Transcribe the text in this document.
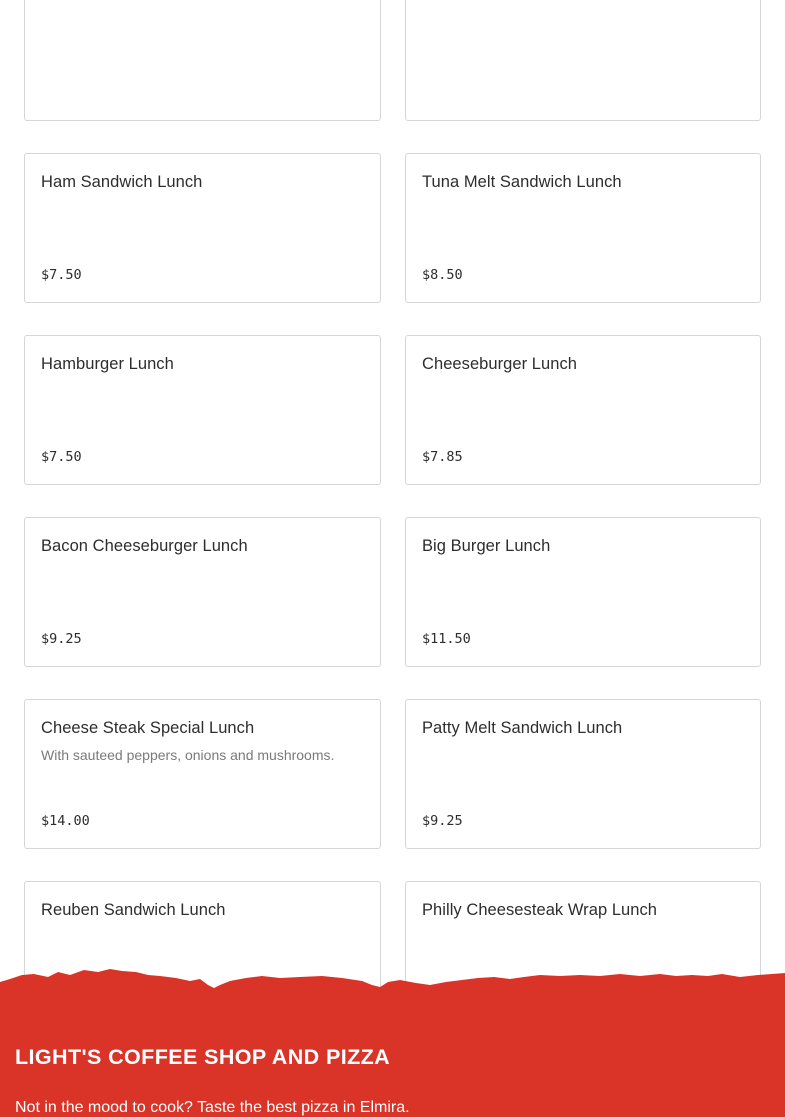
Ham Sandwich Lunch
$7.50
Tuna Melt Sandwich Lunch
$8.50
Hamburger Lunch
$7.50
Cheeseburger Lunch
$7.85
Bacon Cheeseburger Lunch
$9.25
Big Burger Lunch
$11.50
Cheese Steak Special Lunch
With sauteed peppers, onions and mushrooms.
$14.00
Patty Melt Sandwich Lunch
$9.25
Reuben Sandwich Lunch	Philly Cheesesteak Wrap Lunch
LIGHT'S COFFEE SHOP AND PIZZA
Not in the mood to cook? Taste the best pizza in Elmira.
